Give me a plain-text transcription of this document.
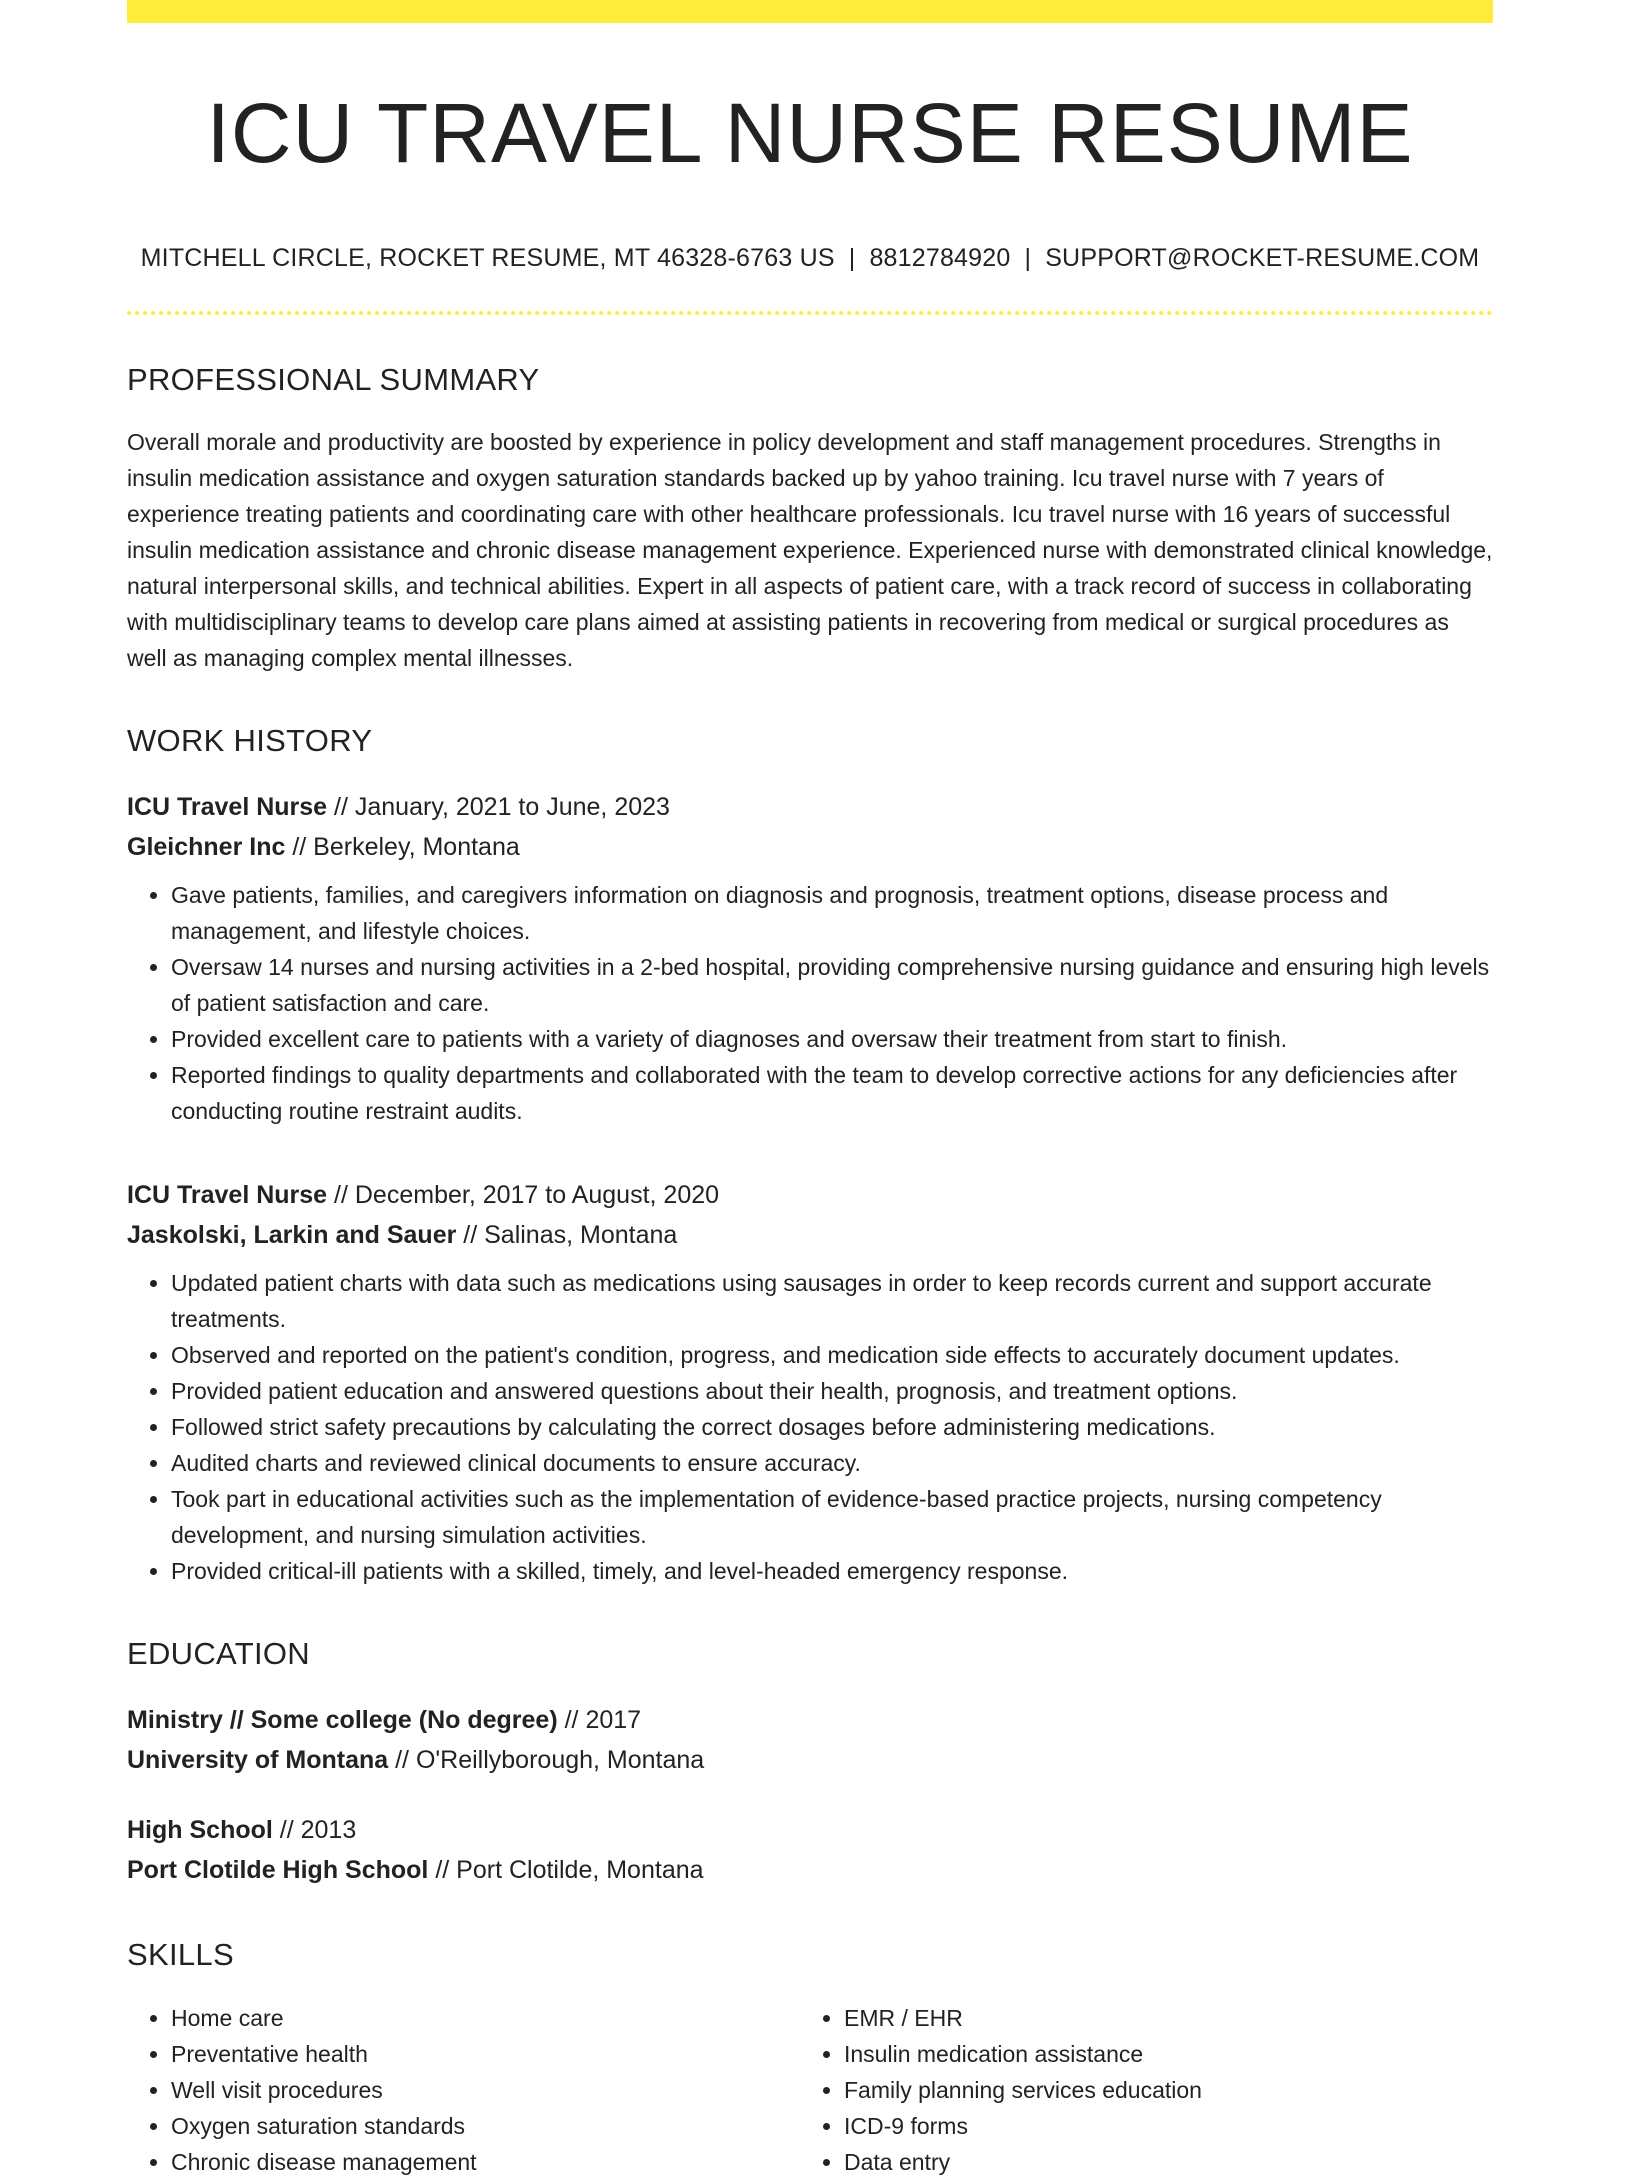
ICU TRAVEL NURSE RESUME
MITCHELL CIRCLE, ROCKET RESUME, MT 46328-6763 US | 8812784920 | SUPPORT@ROCKET-RESUME.COM
PROFESSIONAL SUMMARY
Overall morale and productivity are boosted by experience in policy development and staff management procedures. Strengths in insulin medication assistance and oxygen saturation standards backed up by yahoo training. Icu travel nurse with 7 years of experience treating patients and coordinating care with other healthcare professionals. Icu travel nurse with 16 years of successful insulin medication assistance and chronic disease management experience. Experienced nurse with demonstrated clinical knowledge, natural interpersonal skills, and technical abilities. Expert in all aspects of patient care, with a track record of success in collaborating with multidisciplinary teams to develop care plans aimed at assisting patients in recovering from medical or surgical procedures as well as managing complex mental illnesses.
WORK HISTORY
ICU Travel Nurse // January, 2021 to June, 2023
Gleichner Inc // Berkeley, Montana
• Gave patients, families, and caregivers information on diagnosis and prognosis, treatment options, disease process and management, and lifestyle choices.
• Oversaw 14 nurses and nursing activities in a 2-bed hospital, providing comprehensive nursing guidance and ensuring high levels of patient satisfaction and care.
• Provided excellent care to patients with a variety of diagnoses and oversaw their treatment from start to finish.
• Reported findings to quality departments and collaborated with the team to develop corrective actions for any deficiencies after conducting routine restraint audits.
ICU Travel Nurse // December, 2017 to August, 2020
Jaskolski, Larkin and Sauer // Salinas, Montana
• Updated patient charts with data such as medications using sausages in order to keep records current and support accurate treatments.
• Observed and reported on the patient's condition, progress, and medication side effects to accurately document updates.
• Provided patient education and answered questions about their health, prognosis, and treatment options.
• Followed strict safety precautions by calculating the correct dosages before administering medications.
• Audited charts and reviewed clinical documents to ensure accuracy.
• Took part in educational activities such as the implementation of evidence-based practice projects, nursing competency development, and nursing simulation activities.
• Provided critical-ill patients with a skilled, timely, and level-headed emergency response.
EDUCATION
Ministry // Some college (No degree) // 2017
University of Montana // O'Reillyborough, Montana
High School // 2013
Port Clotilde High School // Port Clotilde, Montana
SKILLS
• Home care
• Preventative health
• Well visit procedures
• Oxygen saturation standards
• Chronic disease management
• EMR / EHR
• Insulin medication assistance
• Family planning services education
• ICD-9 forms
• Data entry
